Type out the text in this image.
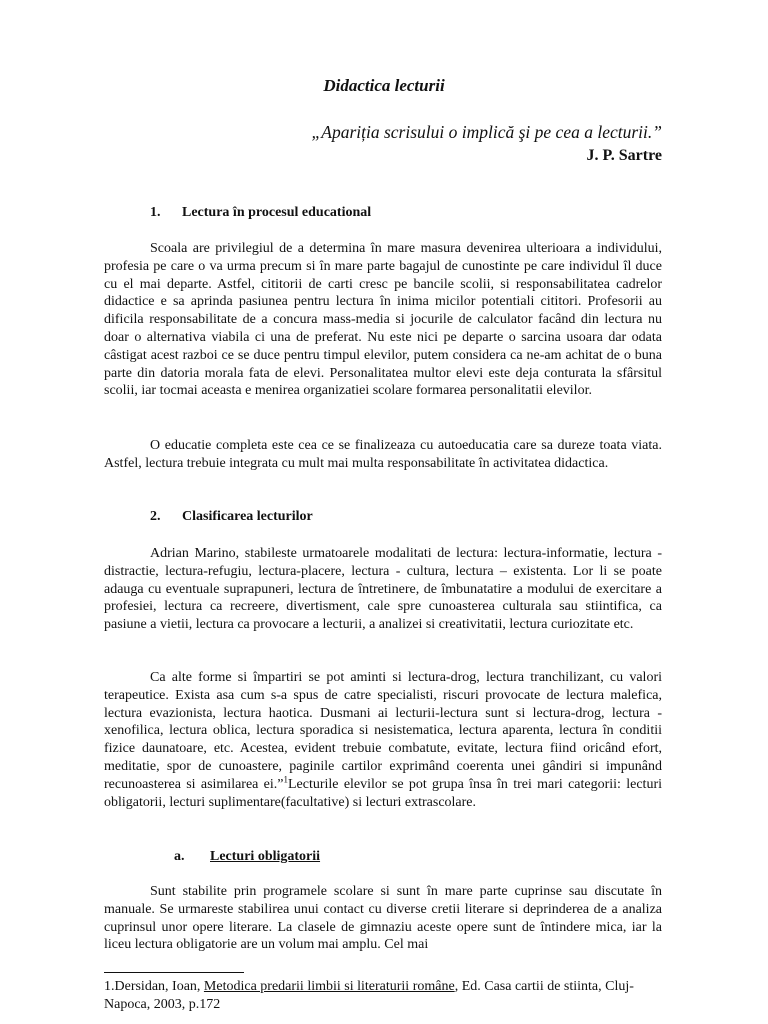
Didactica lecturii
„Apariția scrisului o implică şi pe cea a lecturii.”
J. P. Sartre
1. Lectura în procesul educational
Scoala are privilegiul de a determina în mare masura devenirea ulterioara a individului, profesia pe care o va urma precum si în mare parte bagajul de cunostinte pe care individul îl duce cu el mai departe. Astfel, cititorii de carti cresc pe bancile scolii, si responsabilitatea cadrelor didactice e sa aprinda pasiunea pentru lectura în inima micilor potentiali cititori. Profesorii au dificila responsabilitate de a concura mass-media si jocurile de calculator facând din lectura nu doar o alternativa viabila ci una de preferat. Nu este nici pe departe o sarcina usoara dar odata câstigat acest razboi ce se duce pentru timpul elevilor, putem considera ca ne-am achitat de o buna parte din datoria morala fata de elevi. Personalitatea multor elevi este deja conturata la sfârsitul scolii, iar tocmai aceasta e menirea organizatiei scolare formarea personalitatii elevilor.
O educatie completa este cea ce se finalizeaza cu autoeducatia care sa dureze toata viata. Astfel, lectura trebuie integrata cu mult mai multa responsabilitate în activitatea didactica.
2. Clasificarea lecturilor
Adrian Marino, stabileste urmatoarele modalitati de lectura: lectura-informatie, lectura - distractie, lectura-refugiu, lectura-placere, lectura - cultura, lectura – existenta. Lor li se poate adauga cu eventuale suprapuneri, lectura de întretinere, de îmbunatatire a modului de exercitare a profesiei, lectura ca recreere, divertisment, cale spre cunoasterea culturala sau stiintifica, ca pasiune a vietii, lectura ca provocare a lecturii, a analizei si creativitatii, lectura curiozitate etc.
Ca alte forme si împartiri se pot aminti si lectura-drog, lectura tranchilizant, cu valori terapeutice. Exista asa cum s-a spus de catre specialisti, riscuri provocate de lectura malefica, lectura evazionista, lectura haotica. Dusmani ai lecturii-lectura sunt si lectura-drog, lectura - xenofilica, lectura oblica, lectura sporadica si nesistematica, lectura aparenta, lectura în conditii fizice daunatoare, etc. Acestea, evident trebuie combatute, evitate, lectura fiind oricând efort, meditatie, spor de cunoastere, paginile cartilor exprimând coerenta unei gândiri si impunând recunoasterea si asimilarea ei.”$^1$Lecturile elevilor se pot grupa însa în trei mari categorii: lecturi obligatorii, lecturi suplimentare(facultative) si lecturi extrascolare.
a. Lecturi obligatorii
Sunt stabilite prin programele scolare si sunt în mare parte cuprinse sau discutate în manuale. Se urmareste stabilirea unui contact cu diverse cretii literare si deprinderea de a analiza cuprinsul unor opere literare. La clasele de gimnaziu aceste opere sunt de întindere mica, iar la liceu lectura obligatorie are un volum mai amplu. Cel mai
1.Dersidan, Ioan, Metodica predarii limbii si literaturii române, Ed. Casa cartii de stiinta, Cluj-Napoca, 2003, p.172
